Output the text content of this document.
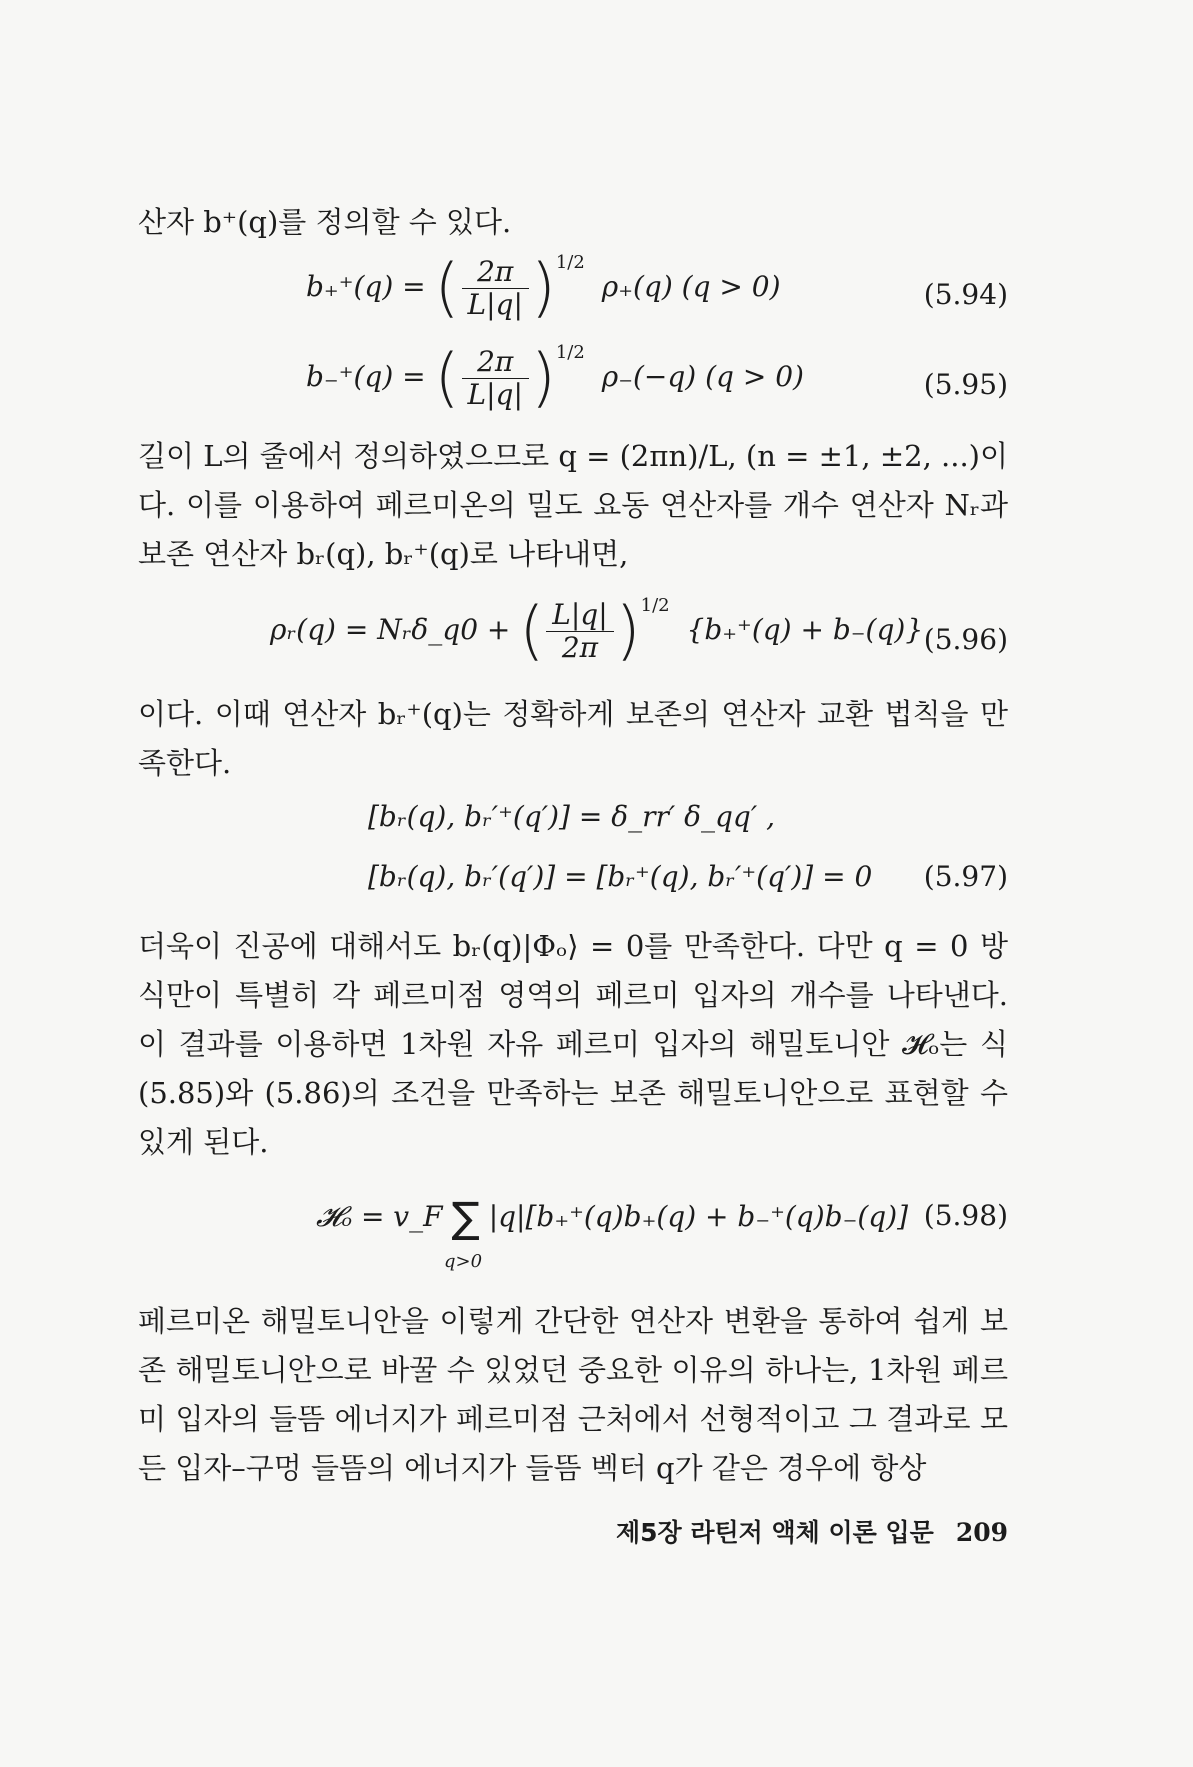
산자 b⁺(q)를 정의할 수 있다.

b₊⁺(q) = ( $\frac{2\pi}{L|q|} )^{1/2}$ ρ₊(q) (q > 0)	(5.94)
b₋⁺(q) = ( $\frac{2\pi}{L|q|} )^{1/2}$ ρ₋(−q) (q > 0)	(5.95)

길이 L의 줄에서 정의하였으므로 q = (2πn)/L, (n = ±1, ±2, ...)이다. 이를 이용하여 페르미온의 밀도 요동 연산자를 개수 연산자 Nᵣ과 보존 연산자 bᵣ(q), bᵣ⁺(q)로 나타내면,

ρᵣ(q) = Nᵣδ_q0 + ( $\frac{L|q|}{2\pi} )^{1/2}$ {b₊⁺(q) + b₋(q)} (5.96)

이다. 이때 연산자 bᵣ⁺(q)는 정확하게 보존의 연산자 교환 법칙을 만족한다.

[bᵣ(q), bᵣ′⁺(q′)] = δ_rr′ δ_qq′ ,
[bᵣ(q), bᵣ′(q′)] = [bᵣ⁺(q), bᵣ′⁺(q′)] = 0 (5.97)

더욱이 진공에 대해서도 bᵣ(q)|Φₒ⟩ = 0를 만족한다. 다만 q = 0 방식만이 특별히 각 페르미점 영역의 페르미 입자의 개수를 나타낸다. 이 결과를 이용하면 1차원 자유 페르미 입자의 해밀토니안 𝓗ₒ는 식 (5.85)와 (5.86)의 조건을 만족하는 보존 해밀토니안으로 표현할 수 있게 된다.

𝓗ₒ = v_F ∑ |q|[b₊⁺(q)b₊(q) + b₋⁺(q)b₋(q)]
q>0
(5.98)

페르미온 해밀토니안을 이렇게 간단한 연산자 변환을 통하여 쉽게 보존 해밀토니안으로 바꿀 수 있었던 중요한 이유의 하나는, 1차원 페르미 입자의 들뜸 에너지가 페르미점 근처에서 선형적이고 그 결과로 모든 입자–구멍 들뜸의 에너지가 들뜸 벡터 q가 같은 경우에 항상

제5장 라틴저 액체 이론 입문 209
